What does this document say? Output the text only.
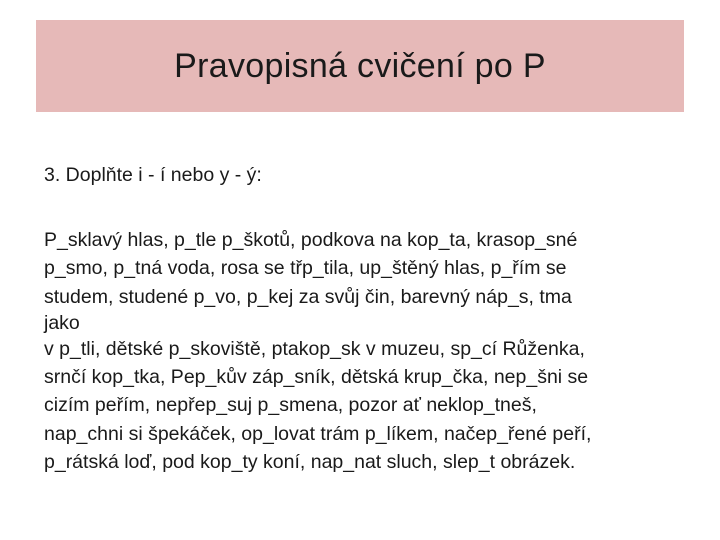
Pravopisná cvičení po P
3. Doplňte i - í nebo y - ý:
P_sklavý hlas, p_tle p_škotů, podkova na kop_ta, krasop_sné
p_smo, p_tná voda, rosa se třp_tila, up_štěný hlas, p_řím se
studem, studené p_vo, p_kej za svůj čin, barevný náp_s, tma
jako
v p_tli, dětské p_skoviště, ptakop_sk v muzeu, sp_cí Růženka,
srnčí kop_tka, Pep_kův záp_sník, dětská krup_čka, nep_šni se
cizím peřím, nepřep_suj p_smena, pozor ať neklop_tneš,
nap_chni si špekáček, op_lovat trám p_líkem, načep_řené peří,
p_rátská loď, pod kop_ty koní, nap_nat sluch, slep_t obrázek.
